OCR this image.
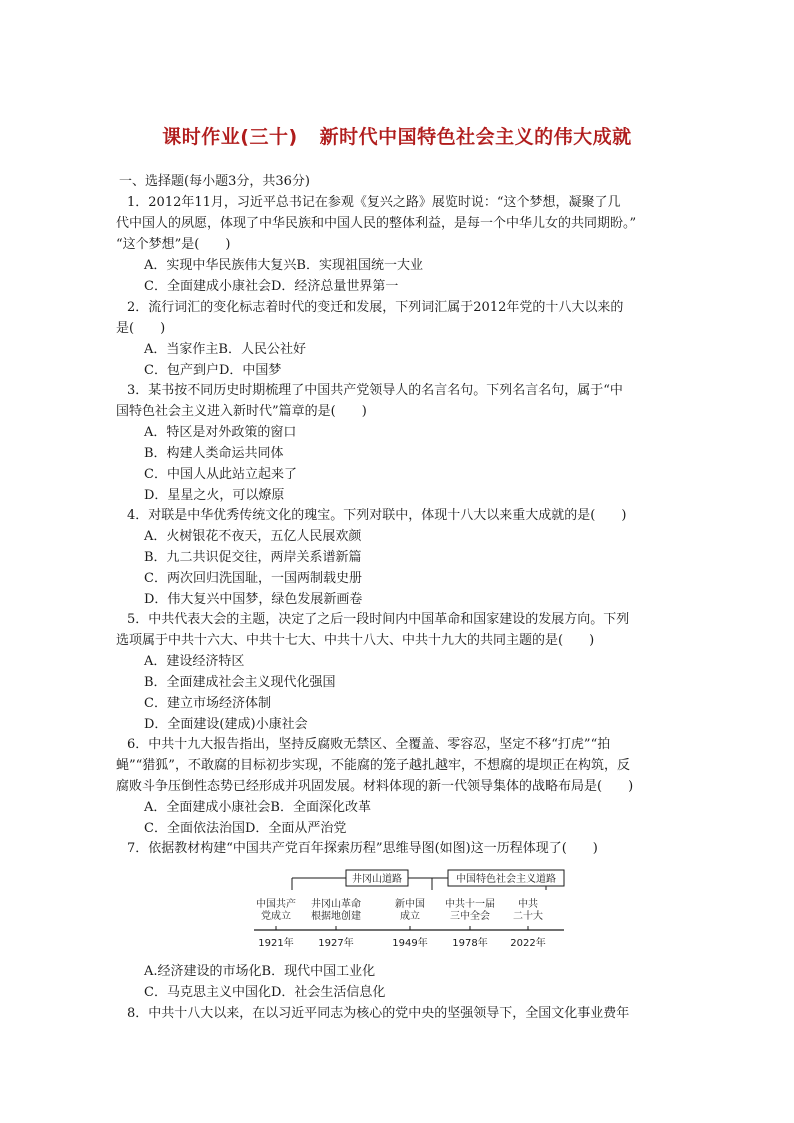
课时作业(三十) 新时代中国特色社会主义的伟大成就
一、选择题(每小题3分，共36分)
1．2012年11月，习近平总书记在参观《复兴之路》展览时说：“这个梦想，凝聚了几
代中国人的夙愿，体现了中华民族和中国人民的整体利益，是每一个中华儿女的共同期盼。”
“这个梦想”是(　　)
A．实现中华民族伟大复兴B．实现祖国统一大业
C．全面建成小康社会D．经济总量世界第一
2．流行词汇的变化标志着时代的变迁和发展，下列词汇属于2012年党的十八大以来的
是(　　)
A．当家作主B．人民公社好
C．包产到户D．中国梦
3．某书按不同历史时期梳理了中国共产党领导人的名言名句。下列名言名句，属于“中
国特色社会主义进入新时代”篇章的是(　　)
A．特区是对外政策的窗口
B．构建人类命运共同体
C．中国人从此站立起来了
D．星星之火，可以燎原
4．对联是中华优秀传统文化的瑰宝。下列对联中，体现十八大以来重大成就的是(　　)
A．火树银花不夜天，五亿人民展欢颜
B．九二共识促交往，两岸关系谱新篇
C．两次回归洗国耻，一国两制载史册
D．伟大复兴中国梦，绿色发展新画卷
5．中共代表大会的主题，决定了之后一段时间内中国革命和国家建设的发展方向。下列
选项属于中共十六大、中共十七大、中共十八大、中共十九大的共同主题的是(　　)
A．建设经济特区
B．全面建成社会主义现代化强国
C．建立市场经济体制
D．全面建设(建成)小康社会
6．中共十九大报告指出，坚持反腐败无禁区、全覆盖、零容忍，坚定不移“打虎”“拍
蝇”“猎狐”，不敢腐的目标初步实现，不能腐的笼子越扎越牢，不想腐的堤坝正在构筑，反
腐败斗争压倒性态势已经形成并巩固发展。材料体现的新一代领导集体的战略布局是(　　)
A．全面建成小康社会B．全面深化改革
C．全面依法治国D．全面从严治党
7．依据教材构建“中国共产党百年探索历程”思维导图(如图)这一历程体现了(　　)
井冈山道路	中国特色社会主义道路
中国共产
党成立
井冈山革命
根据地创建
新中国
成立
中共十一届
三中全会
中共
二十大
1921年 1927年	1949年 1978年 2022年
A.经济建设的市场化B．现代中国工业化
C．马克思主义中国化D．社会生活信息化
8．中共十八大以来，在以习近平同志为核心的党中央的坚强领导下，全国文化事业费年
